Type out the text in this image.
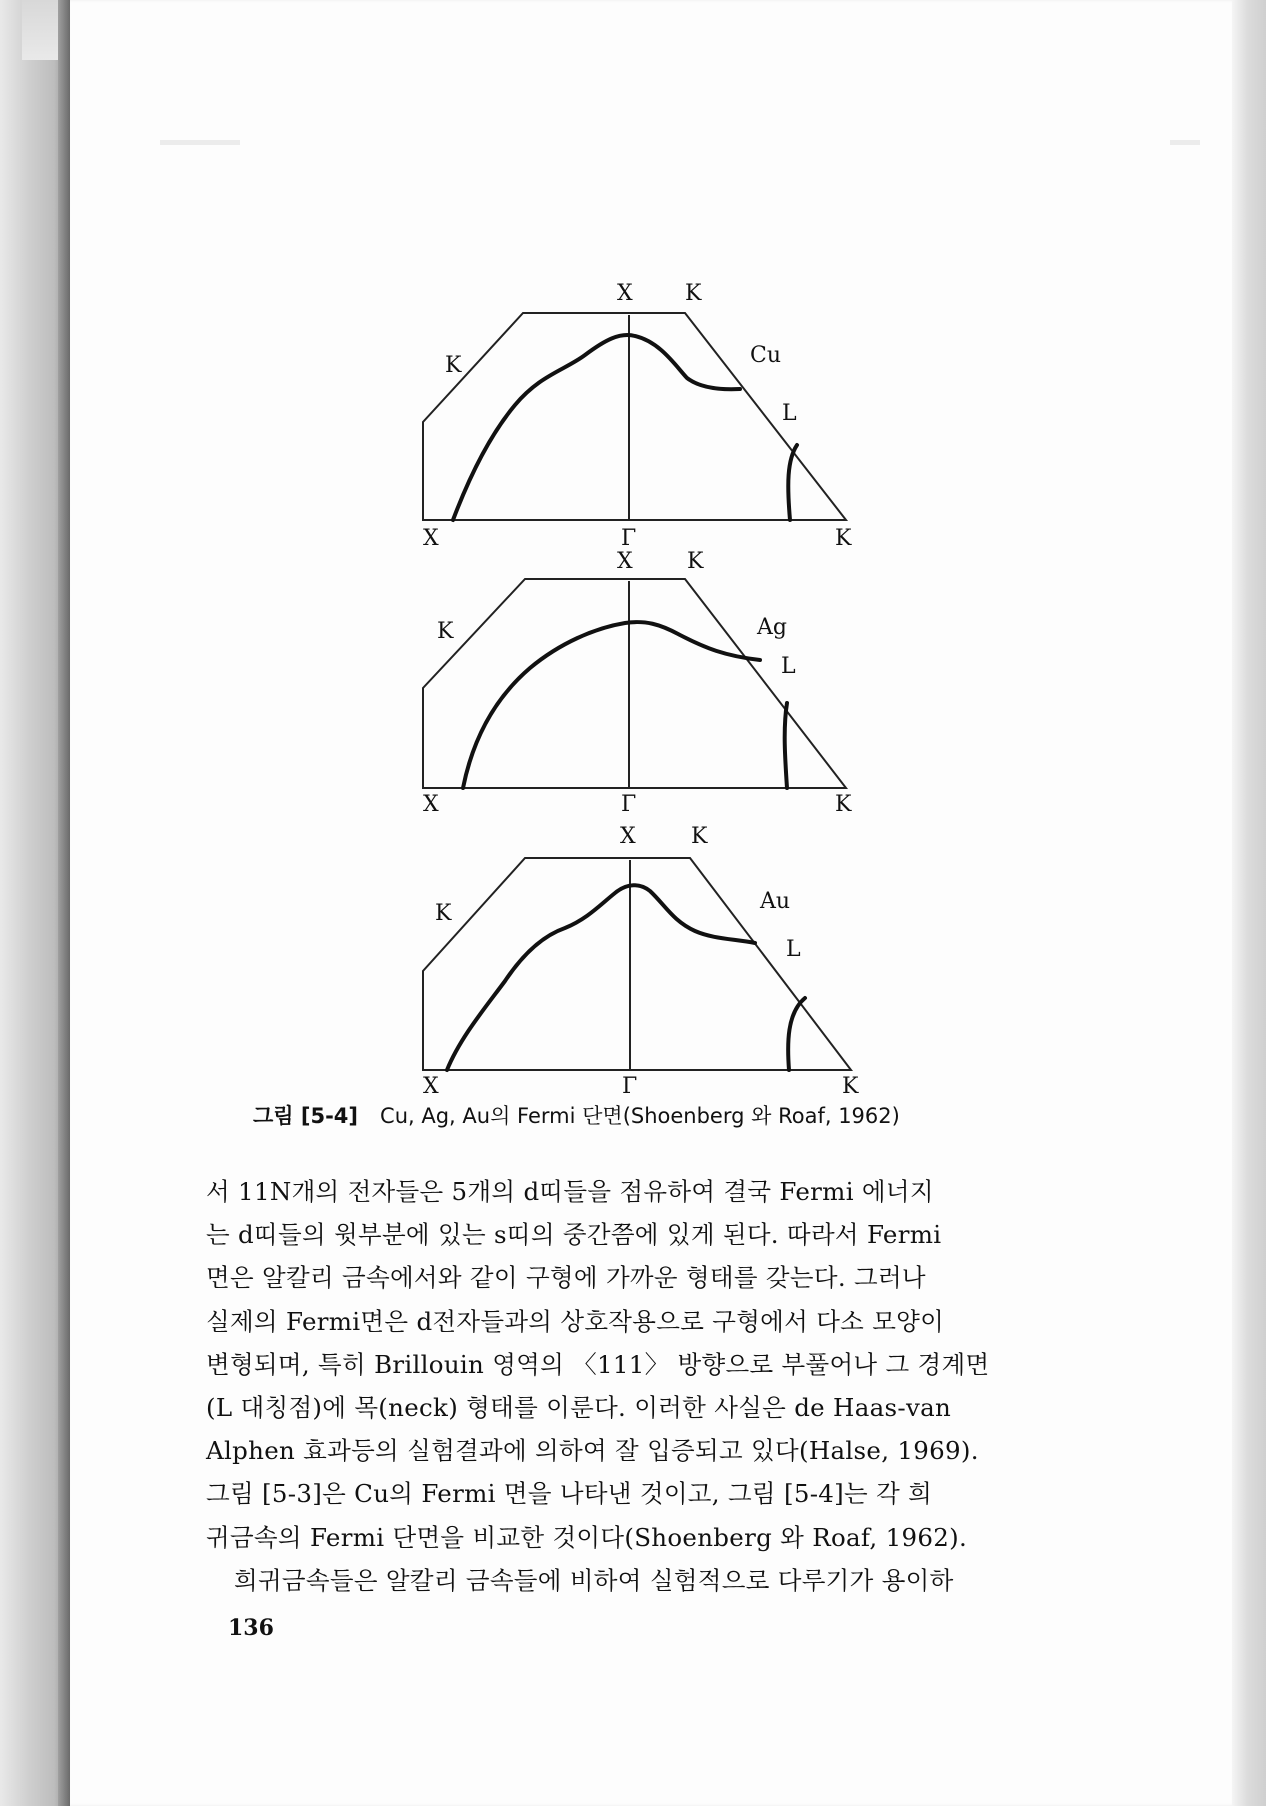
X K
K	Cu
L
X	Γ	K
X K
K	Ag
L
X	Γ	K
X	K
K	Au
L
X	Γ	K
그림 [5-4] Cu, Ag, Au의 Fermi 단면(Shoenberg 와 Roaf, 1962)

서 11N개의 전자들은 5개의 d띠들을 점유하여 결국 Fermi 에너지

는 d띠들의 윗부분에 있는 s띠의 중간쯤에 있게 된다. 따라서 Fermi

면은 알칼리 금속에서와 같이 구형에 가까운 형태를 갖는다. 그러나

실제의 Fermi면은 d전자들과의 상호작용으로 구형에서 다소 모양이

변형되며, 특히 Brillouin 영역의 〈111〉 방향으로 부풀어나 그 경계면

(L 대칭점)에 목(neck) 형태를 이룬다. 이러한 사실은 de Haas-van

Alphen 효과등의 실험결과에 의하여 잘 입증되고 있다(Halse, 1969).

그림 [5-3]은 Cu의 Fermi 면을 나타낸 것이고, 그림 [5-4]는 각 희

귀금속의 Fermi 단면을 비교한 것이다(Shoenberg 와 Roaf, 1962).

희귀금속들은 알칼리 금속들에 비하여 실험적으로 다루기가 용이하

136
